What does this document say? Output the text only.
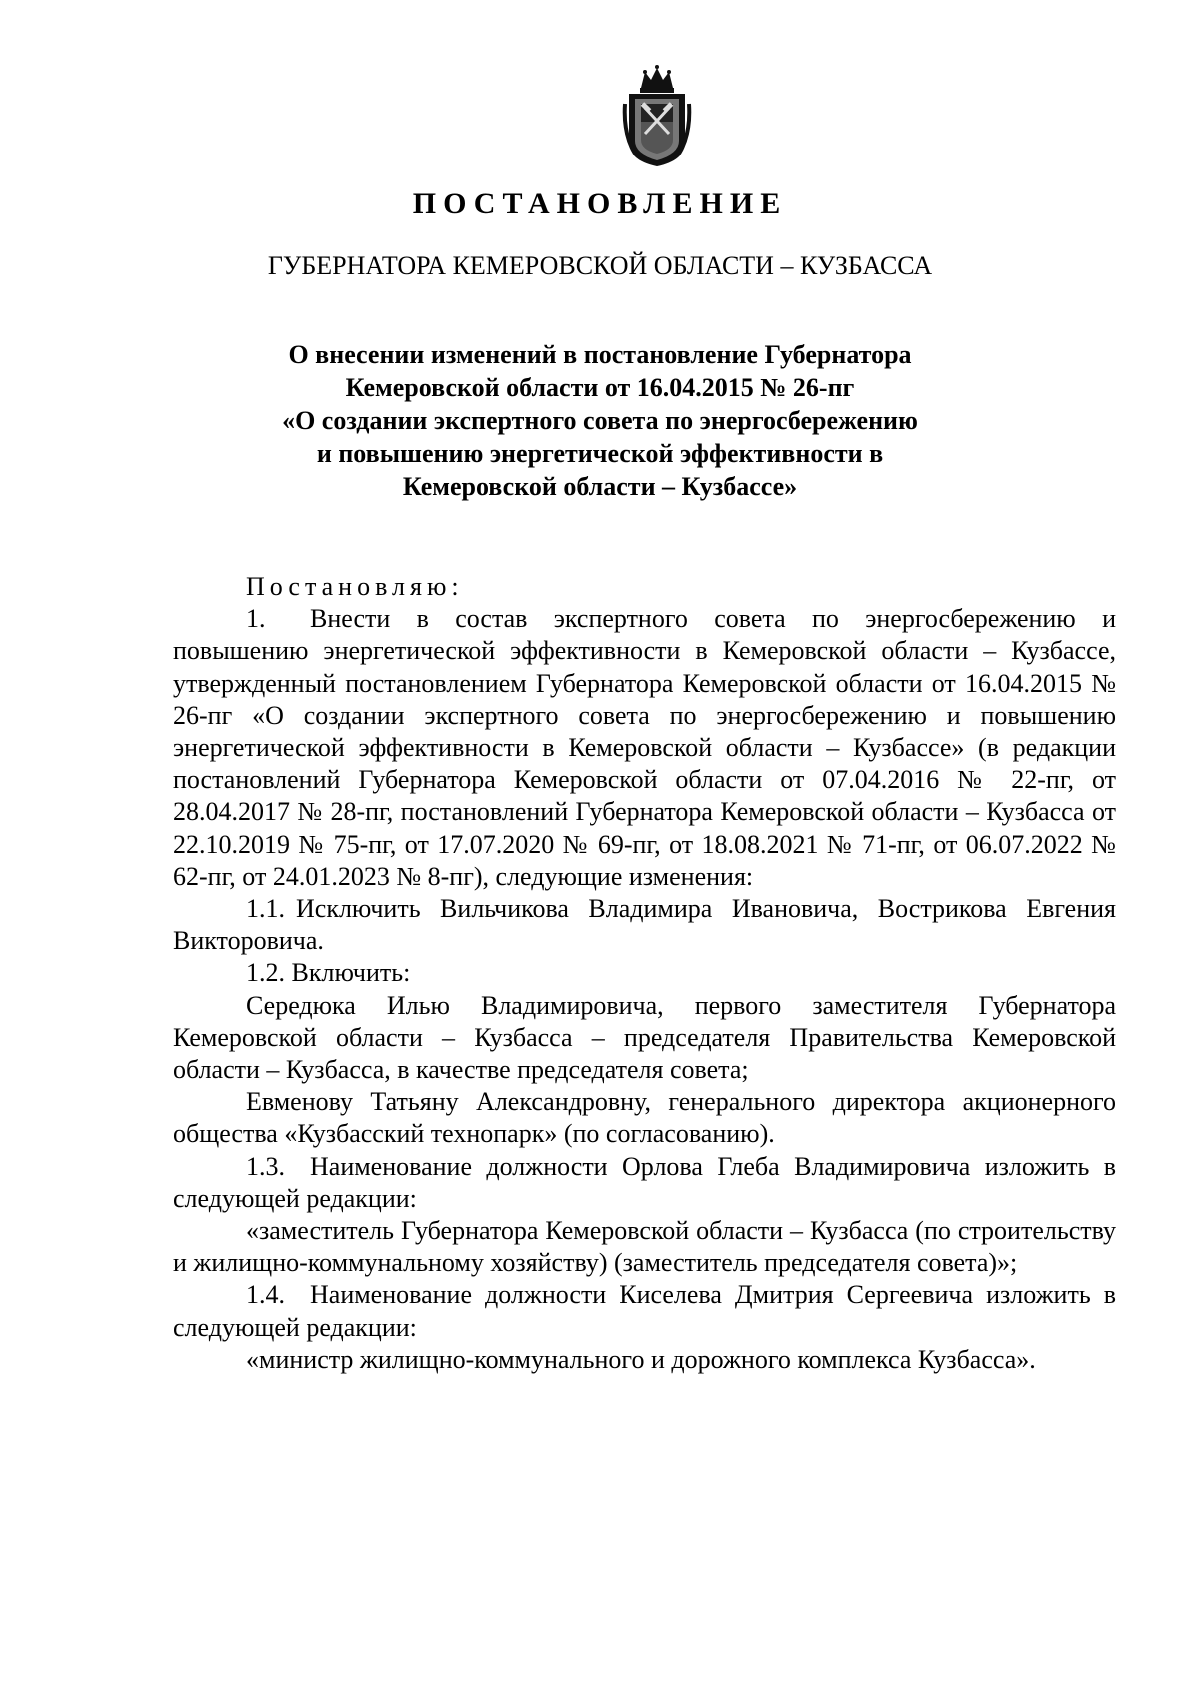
ПОСТАНОВЛЕНИЕ
ГУБЕРНАТОРА КЕМЕРОВСКОЙ ОБЛАСТИ – КУЗБАССА
О внесении изменений в постановление Губернатора
Кемеровской области от 16.04.2015 № 26-пг
«О создании экспертного совета по энергосбережению
и повышению энергетической эффективности в
Кемеровской области – Кузбассе»

Постановляю:

1. Внести в состав экспертного совета по энергосбережению и повышению энергетической эффективности в Кемеровской области – Кузбассе, утвержденный постановлением Губернатора Кемеровской области от 16.04.2015 № 26-пг «О создании экспертного совета по энергосбережению и повышению энергетической эффективности в Кемеровской области – Кузбассе» (в редакции постановлений Губернатора Кемеровской области от 07.04.2016 № 22-пг, от 28.04.2017 № 28-пг, постановлений Губернатора Кемеровской области – Кузбасса от 22.10.2019 № 75-пг, от 17.07.2020 № 69-пг, от 18.08.2021 № 71-пг, от 06.07.2022 № 62-пг, от 24.01.2023 № 8-пг), следующие изменения:

1.1. Исключить Вильчикова Владимира Ивановича, Вострикова Евгения Викторовича.

1.2. Включить:

Середюка Илью Владимировича, первого заместителя Губернатора Кемеровской области – Кузбасса – председателя Правительства Кемеровской области – Кузбасса, в качестве председателя совета;

Евменову Татьяну Александровну, генерального директора акционерного общества «Кузбасский технопарк» (по согласованию).

1.3. Наименование должности Орлова Глеба Владимировича изложить в следующей редакции:

«заместитель Губернатора Кемеровской области – Кузбасса (по строительству и жилищно-коммунальному хозяйству) (заместитель председателя совета)»;

1.4. Наименование должности Киселева Дмитрия Сергеевича изложить в следующей редакции:

«министр жилищно-коммунального и дорожного комплекса Кузбасса».
